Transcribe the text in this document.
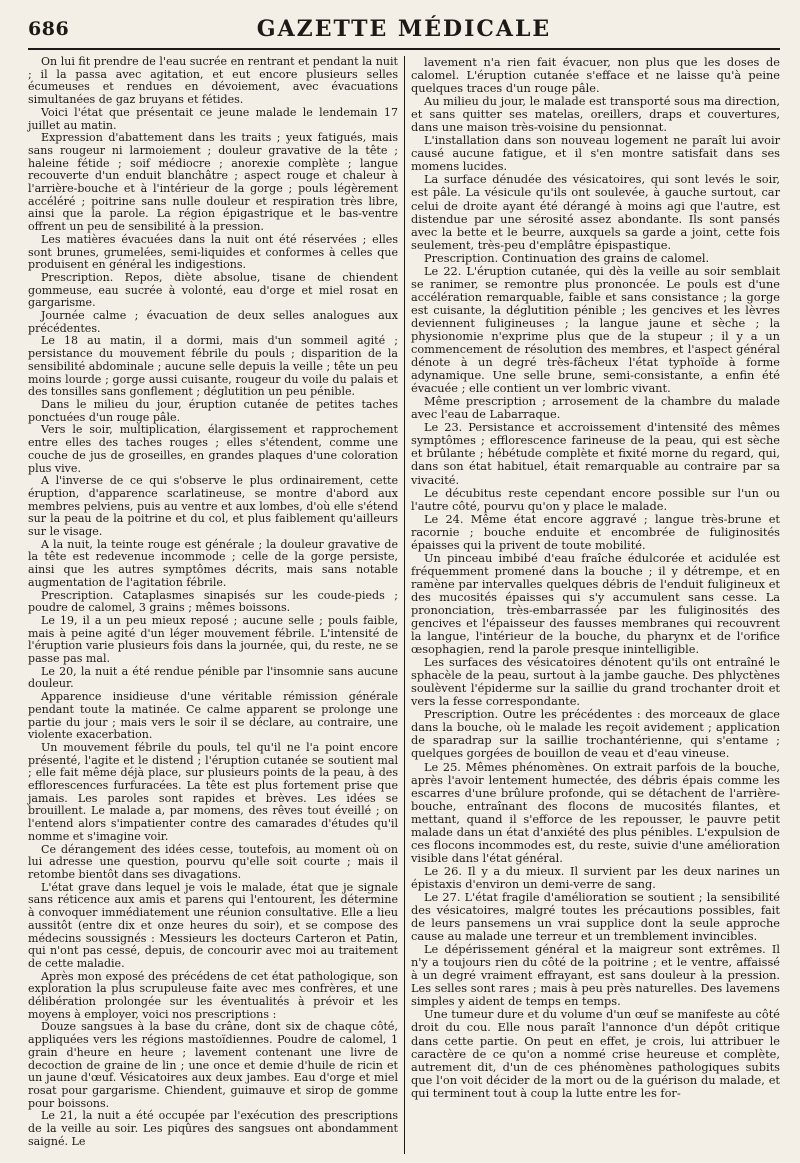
686	GAZETTE MÉDICALE

On lui fit prendre de l'eau sucrée en rentrant et pendant la nuit ; il la passa avec agitation, et eut encore plusieurs selles écumeuses et rendues en dévoiement, avec évacuations simultanées de gaz bruyans et fétides.

Voici l'état que présentait ce jeune malade le lendemain 17 juillet au matin.

Expression d'abattement dans les traits ; yeux fatigués, mais sans rougeur ni larmoiement ; douleur gravative de la tête ; haleine fétide ; soif médiocre ; anorexie complète ; langue recouverte d'un enduit blanchâtre ; aspect rouge et chaleur à l'arrière-bouche et à l'intérieur de la gorge ; pouls légèrement accéléré ; poitrine sans nulle douleur et respiration très libre, ainsi que la parole. La région épigastrique et le bas-ventre offrent un peu de sensibilité à la pression.

Les matières évacuées dans la nuit ont été réservées ; elles sont brunes, grumelées, semi-liquides et conformes à celles que produisent en général les indigestions.

Prescription. Repos, diète absolue, tisane de chiendent gommeuse, eau sucrée à volonté, eau d'orge et miel rosat en gargarisme.

Journée calme ; évacuation de deux selles analogues aux précédentes.

Le 18 au matin, il a dormi, mais d'un sommeil agité ; persistance du mouvement fébrile du pouls ; disparition de la sensibilité abdominale ; aucune selle depuis la veille ; tête un peu moins lourde ; gorge aussi cuisante, rougeur du voile du palais et des tonsilles sans gonflement ; déglutition un peu pénible.

Dans le milieu du jour, éruption cutanée de petites taches ponctuées d'un rouge pâle.

Vers le soir, multiplication, élargissement et rapprochement entre elles des taches rouges ; elles s'étendent, comme une couche de jus de groseilles, en grandes plaques d'une coloration plus vive.

A l'inverse de ce qui s'observe le plus ordinairement, cette éruption, d'apparence scarlatineuse, se montre d'abord aux membres pelviens, puis au ventre et aux lombes, d'où elle s'étend sur la peau de la poitrine et du col, et plus faiblement qu'ailleurs sur le visage.

A la nuit, la teinte rouge est générale ; la douleur gravative de la tête est redevenue incommode ; celle de la gorge persiste, ainsi que les autres symptômes décrits, mais sans notable augmentation de l'agitation fébrile.

Prescription. Cataplasmes sinapisés sur les coude-pieds ; poudre de calomel, 3 grains ; mêmes boissons.

Le 19, il a un peu mieux reposé ; aucune selle ; pouls faible, mais à peine agité d'un léger mouvement fébrile. L'intensité de l'éruption varie plusieurs fois dans la journée, qui, du reste, ne se passe pas mal.

Le 20, la nuit a été rendue pénible par l'insomnie sans aucune douleur.

Apparence insidieuse d'une véritable rémission générale pendant toute la matinée. Ce calme apparent se prolonge une partie du jour ; mais vers le soir il se déclare, au contraire, une violente exacerbation.

Un mouvement fébrile du pouls, tel qu'il ne l'a point encore présenté, l'agite et le distend ; l'éruption cutanée se soutient mal ; elle fait même déjà place, sur plusieurs points de la peau, à des efflorescences furfuracées. La tête est plus fortement prise que jamais. Les paroles sont rapides et brèves. Les idées se brouillent. Le malade a, par momens, des rêves tout éveillé ; on l'entend alors s'impatienter contre des camarades d'études qu'il nomme et s'imagine voir.

Ce dérangement des idées cesse, toutefois, au moment où on lui adresse une question, pourvu qu'elle soit courte ; mais il retombe bientôt dans ses divagations.

L'état grave dans lequel je vois le malade, état que je signale sans réticence aux amis et parens qui l'entourent, les détermine à convoquer immédiatement une réunion consultative. Elle a lieu aussitôt (entre dix et onze heures du soir), et se compose des médecins soussignés : Messieurs les docteurs Carteron et Patin, qui n'ont pas cessé, depuis, de concourir avec moi au traitement de cette maladie.

Après mon exposé des précédens de cet état pathologique, son exploration la plus scrupuleuse faite avec mes confrères, et une délibération prolongée sur les éventualités à prévoir et les moyens à employer, voici nos prescriptions :

Douze sangsues à la base du crâne, dont six de chaque côté, appliquées vers les régions mastoïdiennes. Poudre de calomel, 1 grain d'heure en heure ; lavement contenant une livre de decoction de graine de lin ; une once et demie d'huile de ricin et un jaune d'œuf. Vésicatoires aux deux jambes. Eau d'orge et miel rosat pour gargarisme. Chiendent, guimauve et sirop de gomme pour boissons.

Le 21, la nuit a été occupée par l'exécution des prescriptions de la veille au soir. Les piqûres des sangsues ont abondamment saigné. Le

lavement n'a rien fait évacuer, non plus que les doses de calomel. L'éruption cutanée s'efface et ne laisse qu'à peine quelques traces d'un rouge pâle.

Au milieu du jour, le malade est transporté sous ma direction, et sans quitter ses matelas, oreillers, draps et couvertures, dans une maison très-voisine du pensionnat.

L'installation dans son nouveau logement ne paraît lui avoir causé aucune fatigue, et il s'en montre satisfait dans ses momens lucides.

La surface dénudée des vésicatoires, qui sont levés le soir, est pâle. La vésicule qu'ils ont soulevée, à gauche surtout, car celui de droite ayant été dérangé à moins agi que l'autre, est distendue par une sérosité assez abondante. Ils sont pansés avec la bette et le beurre, auxquels sa garde a joint, cette fois seulement, très-peu d'emplâtre épispastique.

Prescription. Continuation des grains de calomel.

Le 22. L'éruption cutanée, qui dès la veille au soir semblait se ranimer, se remontre plus prononcée. Le pouls est d'une accélération remarquable, faible et sans consistance ; la gorge est cuisante, la déglutition pénible ; les gencives et les lèvres deviennent fuligineuses ; la langue jaune et sèche ; la physionomie n'exprime plus que de la stupeur ; il y a un commencement de résolution des membres, et l'aspect général dénote à un degré très-fâcheux l'état typhoïde à forme adynamique. Une selle brune, semi-consistante, a enfin été évacuée ; elle contient un ver lombric vivant.

Même prescription ; arrosement de la chambre du malade avec l'eau de Labarraque.

Le 23. Persistance et accroissement d'intensité des mêmes symptômes ; efflorescence farineuse de la peau, qui est sèche et brûlante ; hébétude complète et fixité morne du regard, qui, dans son état habituel, était remarquable au contraire par sa vivacité.

Le décubitus reste cependant encore possible sur l'un ou l'autre côté, pourvu qu'on y place le malade.

Le 24. Même état encore aggravé ; langue très-brune et racornie ; bouche enduite et encombrée de fuliginosités épaisses qui la privent de toute mobilité.

Un pinceau imbibé d'eau fraîche édulcorée et acidulée est fréquemment promené dans la bouche ; il y détrempe, et en ramène par intervalles quelques débris de l'enduit fuligineux et des mucosités épaisses qui s'y accumulent sans cesse. La prononciation, très-embarrassée par les fuliginosités des gencives et l'épaisseur des fausses membranes qui recouvrent la langue, l'intérieur de la bouche, du pharynx et de l'orifice œsophagien, rend la parole presque inintelligible.

Les surfaces des vésicatoires dénotent qu'ils ont entraîné le sphacèle de la peau, surtout à la jambe gauche. Des phlyctènes soulèvent l'épiderme sur la saillie du grand trochanter droit et vers la fesse correspondante.

Prescription. Outre les précédentes : des morceaux de glace dans la bouche, où le malade les reçoit avidement ; application de sparadrap sur la saillie trochantérienne, qui s'entame ; quelques gorgées de bouillon de veau et d'eau vineuse.

Le 25. Mêmes phénomènes. On extrait parfois de la bouche, après l'avoir lentement humectée, des débris épais comme les escarres d'une brûlure profonde, qui se détachent de l'arrière-bouche, entraînant des flocons de mucosités filantes, et mettant, quand il s'efforce de les repousser, le pauvre petit malade dans un état d'anxiété des plus pénibles. L'expulsion de ces flocons incommodes est, du reste, suivie d'une amélioration visible dans l'état général.

Le 26. Il y a du mieux. Il survient par les deux narines un épistaxis d'environ un demi-verre de sang.

Le 27. L'état fragile d'amélioration se soutient ; la sensibilité des vésicatoires, malgré toutes les précautions possibles, fait de leurs pansemens un vrai supplice dont la seule approche cause au malade une terreur et un tremblement invincibles.

Le dépérissement général et la maigreur sont extrêmes. Il n'y a toujours rien du côté de la poitrine ; et le ventre, affaissé à un degré vraiment effrayant, est sans douleur à la pression. Les selles sont rares ; mais à peu près naturelles. Des lavemens simples y aident de temps en temps.

Une tumeur dure et du volume d'un œuf se manifeste au côté droit du cou. Elle nous paraît l'annonce d'un dépôt critique dans cette partie. On peut en effet, je crois, lui attribuer le caractère de ce qu'on a nommé crise heureuse et complète, autrement dit, d'un de ces phénomènes pathologiques subits que l'on voit décider de la mort ou de la guérison du malade, et qui terminent tout à coup la lutte entre les for-
